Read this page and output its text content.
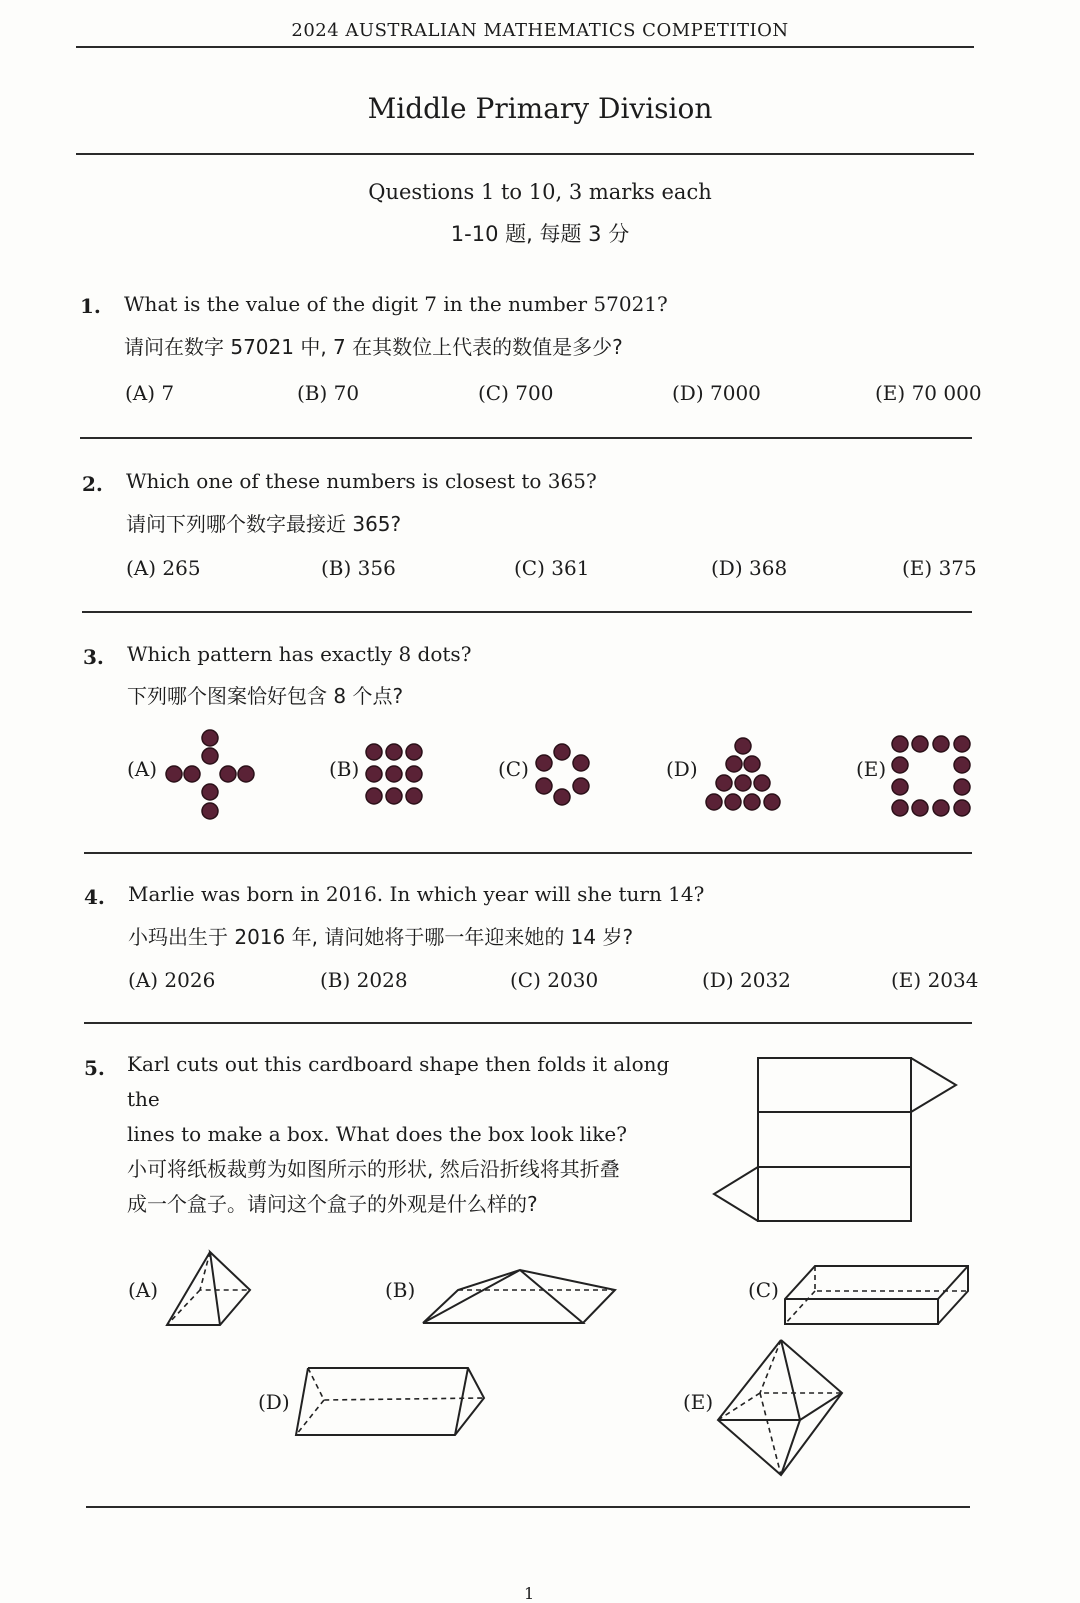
2024 AUSTRALIAN MATHEMATICS COMPETITION
Middle Primary Division
Questions 1 to 10, 3 marks each
1-10 题, 每题 3 分
1. What is the value of the digit 7 in the number 57021?
请问在数字 57021 中, 7 在其数位上代表的数值是多少?
(A) 7	(B) 70	(C) 700	(D) 7000	(E) 70 000
2. Which one of these numbers is closest to 365?
请问下列哪个数字最接近 365?
(A) 265	(B) 356	(C) 361	(D) 368	(E) 375
3. Which pattern has exactly 8 dots?
下列哪个图案恰好包含 8 个点?
(A)	(B)	(C)	(D)	(E)
4. Marlie was born in 2016. In which year will she turn 14?
小玛出生于 2016 年, 请问她将于哪一年迎来她的 14 岁?
(A) 2026	(B) 2028	(C) 2030	(D) 2032	(E) 2034
5. Karl cuts out this cardboard shape then folds it along the
lines to make a box. What does the box look like?
小可将纸板裁剪为如图所示的形状, 然后沿折线将其折叠
成一个盒子。请问这个盒子的外观是什么样的?
(A)	(B)	(C)
(D)	(E)
1
